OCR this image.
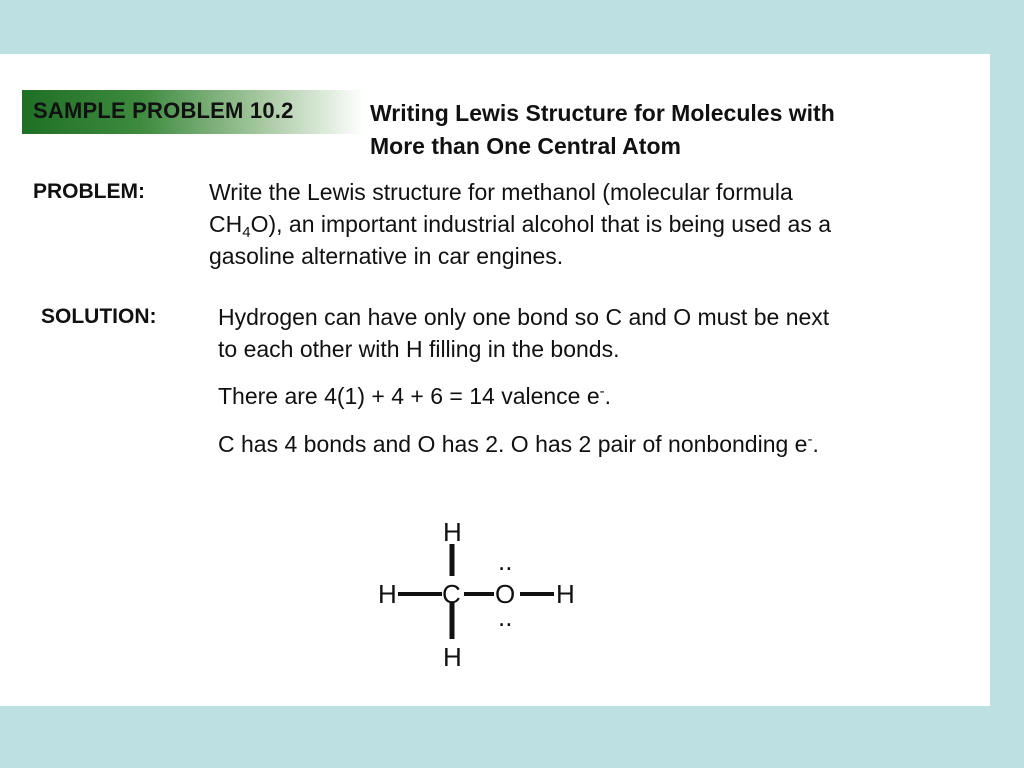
SAMPLE PROBLEM 10.2	Writing Lewis Structure for Molecules with
More than One Central Atom
PROBLEM:	Write the Lewis structure for methanol (molecular formula
$CH_4O$), an important industrial alcohol that is being used as a
gasoline alternative in car engines.
SOLUTION:	Hydrogen can have only one bond so C and O must be next
to each other with H filling in the bonds.
There are 4(1) + 4 + 6 = 14 valence e-.
C has 4 bonds and O has 2. O has 2 pair of nonbonding e-.
H
H C O H
H
..
..
